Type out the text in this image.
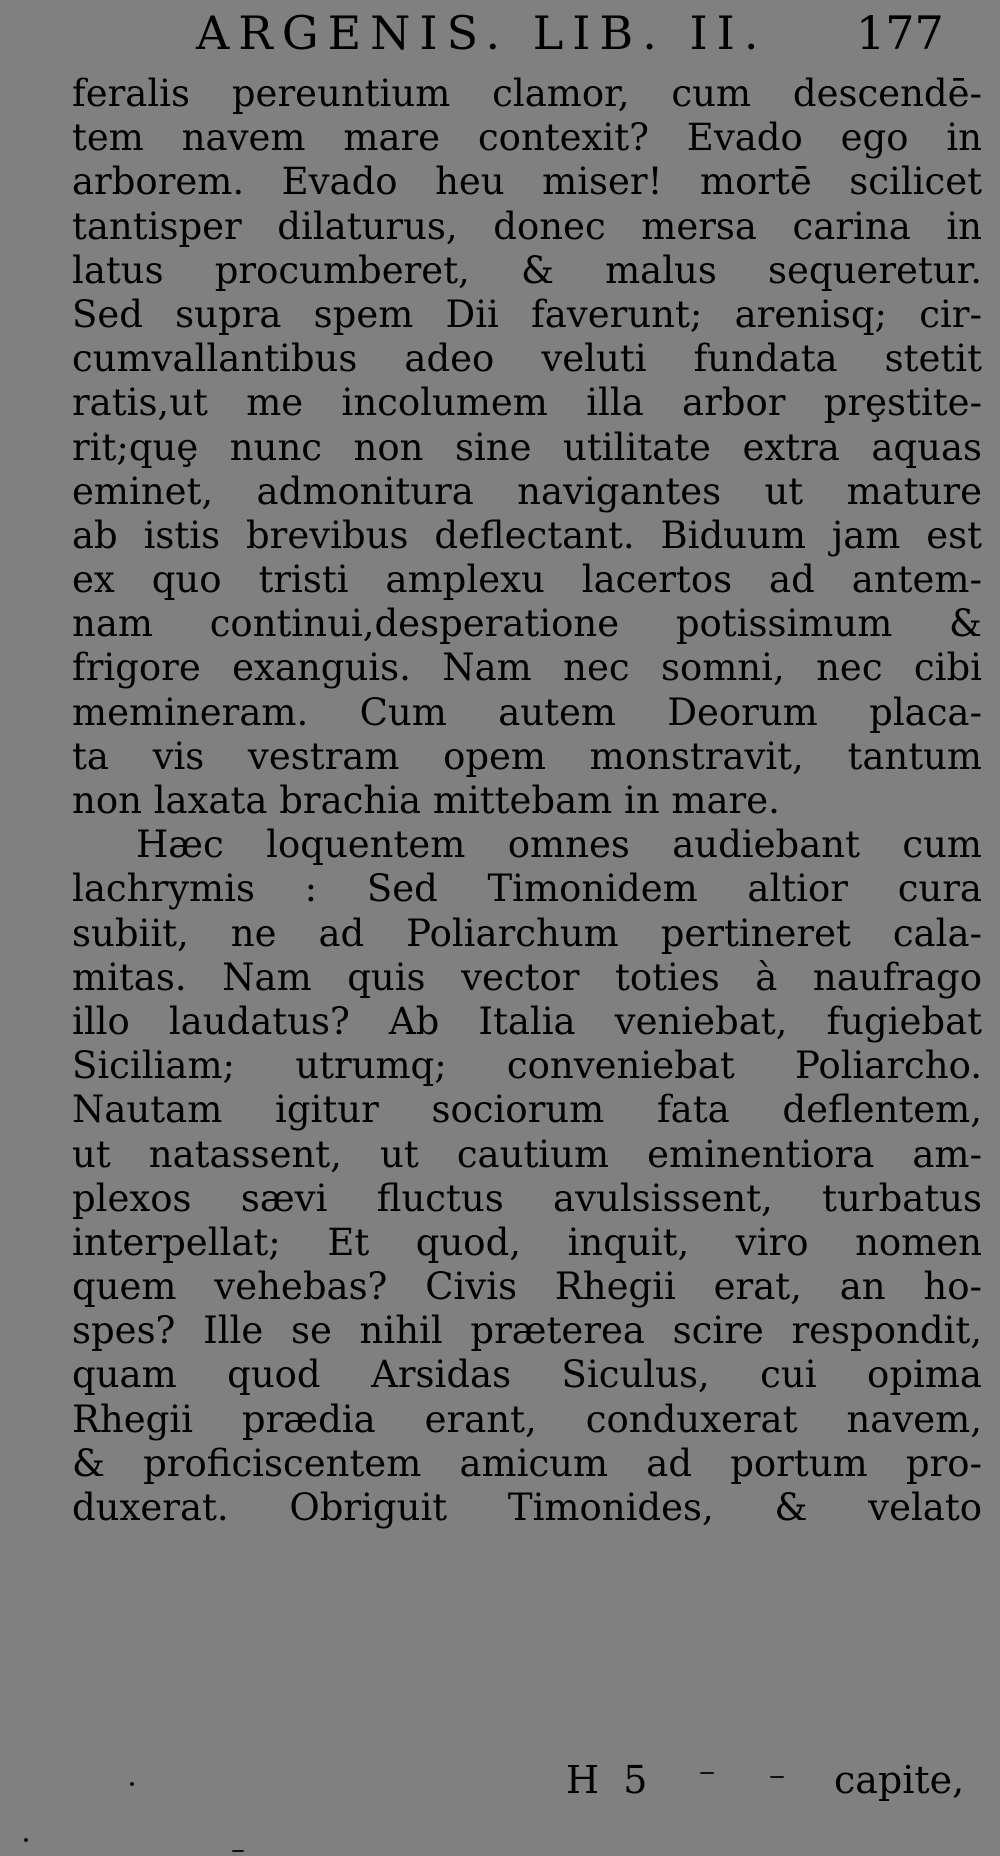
ARGENIS. LIB. II. 177
feralis pereuntium clamor, cum descendē-
tem navem mare contexit? Evado ego in
arborem. Evado heu miser! mortē scilicet
tantisper dilaturus, donec mersa carina in
latus procumberet, & malus sequeretur.
Sed supra spem Dii faverunt; arenisq; cir-
cumvallantibus adeo veluti fundata stetit
ratis,ut me incolumem illa arbor prȩstite-
rit;quȩ nunc non sine utilitate extra aquas
eminet, admonitura navigantes ut mature
ab istis brevibus deflectant. Biduum jam est
ex quo tristi amplexu lacertos ad antem-
nam continui,desperatione potissimum &
frigore exanguis. Nam nec somni, nec cibi
memineram. Cum autem Deorum placa-
ta vis vestram opem monstravit, tantum
non laxata brachia mittebam in mare.
Hæc loquentem omnes audiebant cum
lachrymis : Sed Timonidem altior cura
subiit, ne ad Poliarchum pertineret cala-
mitas. Nam quis vector toties à naufrago
illo laudatus? Ab Italia veniebat, fugiebat
Siciliam; utrumq; conveniebat Poliarcho.
Nautam igitur sociorum fata deflentem,
ut natassent, ut cautium eminentiora am-
plexos sævi fluctus avulsissent, turbatus
interpellat; Et quod, inquit, viro nomen
quem vehebas? Civis Rhegii erat, an ho-
spes? Ille se nihil præterea scire respondit,
quam quod Arsidas Siculus, cui opima
Rhegii prædia erant, conduxerat navem,
& proficiscentem amicum ad portum pro-
duxerat. Obriguit Timonides, & velato
H 5	capite,
